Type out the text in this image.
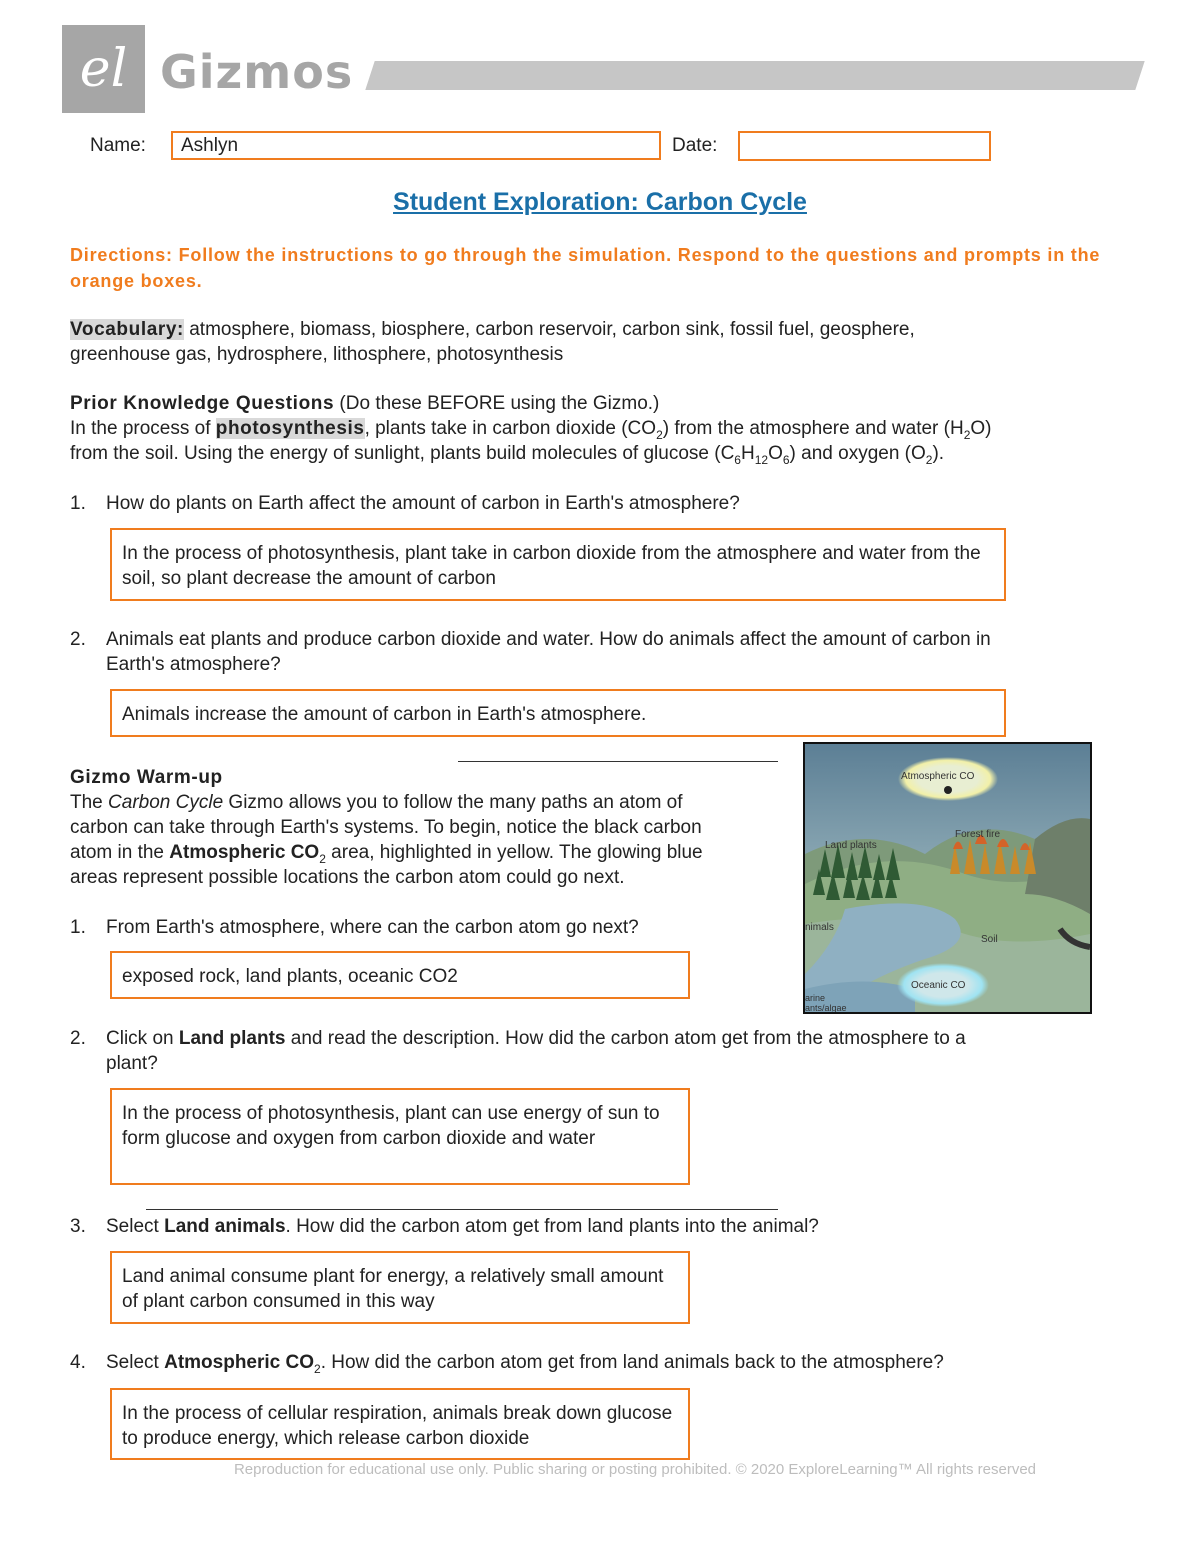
el Gizmos
Name:	Ashlyn	Date:
Student Exploration: Carbon Cycle
Directions: Follow the instructions to go through the simulation. Respond to the questions and prompts in the orange boxes.
Vocabulary: atmosphere, biomass, biosphere, carbon reservoir, carbon sink, fossil fuel, geosphere,
greenhouse gas, hydrosphere, lithosphere, photosynthesis
Prior Knowledge Questions (Do these BEFORE using the Gizmo.)
In the process of photosynthesis, plants take in carbon dioxide $(CO_2)$ from the atmosphere and water $(H_2O)$
from the soil. Using the energy of sunlight, plants build molecules of glucose $(C_6H_{12}O_6)$ and oxygen $(O_2)$.
1.	How do plants on Earth affect the amount of carbon in Earth's atmosphere?
In the process of photosynthesis, plant take in carbon dioxide from the atmosphere and water from the soil, so plant decrease the amount of carbon
2.	Animals eat plants and produce carbon dioxide and water. How do animals affect the amount of carbon in
Earth's atmosphere?
Animals increase the amount of carbon in Earth's atmosphere.
Atmospheric CO
Forest fire
Land plants
nimals
Soil
Oceanic CO
arine
ants/algae
Gizmo Warm-up
The Carbon Cycle Gizmo allows you to follow the many paths an atom of
carbon can take through Earth's systems. To begin, notice the black carbon
atom in the Atmospheric $CO_2$ area, highlighted in yellow. The glowing blue
areas represent possible locations the carbon atom could go next.
1.	From Earth's atmosphere, where can the carbon atom go next?
exposed rock, land plants, oceanic CO2
2.	Click on Land plants and read the description. How did the carbon atom get from the atmosphere to a
plant?
In the process of photosynthesis, plant can use energy of sun to form glucose and oxygen from carbon dioxide and water
3.	Select Land animals. How did the carbon atom get from land plants into the animal?
Land animal consume plant for energy, a relatively small amount of plant carbon consumed in this way
4.	Select Atmospheric $CO_2$. How did the carbon atom get from land animals back to the atmosphere?
In the process of cellular respiration, animals break down glucose to produce energy, which release carbon dioxide
Reproduction for educational use only. Public sharing or posting prohibited. © 2020 ExploreLearning™ All rights reserved
